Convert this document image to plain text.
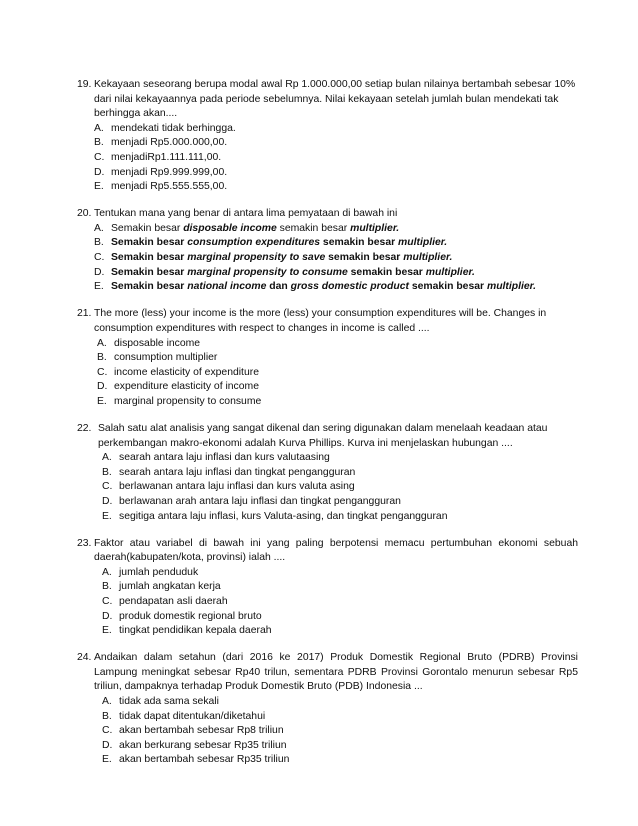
19. Kekayaan seseorang berupa modal awal Rp 1.000.000,00 setiap bulan nilainya bertambah sebesar 10% dari nilai kekayaannya pada periode sebelumnya. Nilai kekayaan setelah jumlah bulan mendekati tak berhingga akan....

A. mendekati tidak berhingga.
B. menjadi Rp5.000.000,00.
C. menjadiRp1.111.111,00.
D. menjadi Rp9.999.999,00.
E. menjadi Rp5.555.555,00.
20. Tentukan mana yang benar di antara lima pemyataan di bawah ini

A. Semakin besar disposable income semakin besar multiplier.
B. Semakin besar consumption expenditures semakin besar multiplier.
C. Semakin besar marginal propensity to save semakin besar multiplier.
D. Semakin besar marginal propensity to consume semakin besar multiplier.
E. Semakin besar national income dan gross domestic product semakin besar multiplier.
21. The more (less) your income is the more (less) your consumption expenditures will be. Changes in consumption expenditures with respect to changes in income is called ....

A. disposable income
B. consumption multiplier
C. income elasticity of expenditure
D. expenditure elasticity of income
E. marginal propensity to consume
22. Salah satu alat analisis yang sangat dikenal dan sering digunakan dalam menelaah keadaan atau perkembangan makro-ekonomi adalah Kurva Phillips. Kurva ini menjelaskan hubungan ....

A. searah antara laju inflasi dan kurs valutaasing
B. searah antara laju inflasi dan tingkat pengangguran
C. berlawanan antara laju inflasi dan kurs valuta asing
D. berlawanan arah antara laju inflasi dan tingkat pengangguran
E. segitiga antara laju inflasi, kurs Valuta-asing, dan tingkat pengangguran
23. Faktor atau variabel di bawah ini yang paling berpotensi memacu pertumbuhan ekonomi sebuah daerah(kabupaten/kota, provinsi) ialah ....

A. jumlah penduduk
B. jumlah angkatan kerja
C. pendapatan asli daerah
D. produk domestik regional bruto
E. tingkat pendidikan kepala daerah
24. Andaikan dalam setahun (dari 2016 ke 2017) Produk Domestik Regional Bruto (PDRB) Provinsi Lampung meningkat sebesar Rp40 trilun, sementara PDRB Provinsi Gorontalo menurun sebesar Rp5 triliun, dampaknya terhadap Produk Domestik Bruto (PDB) Indonesia ...

A. tidak ada sama sekali
B. tidak dapat ditentukan/diketahui
C. akan bertambah sebesar Rp8 triliun
D. akan berkurang sebesar Rp35 triliun
E. akan bertambah sebesar Rp35 triliun
